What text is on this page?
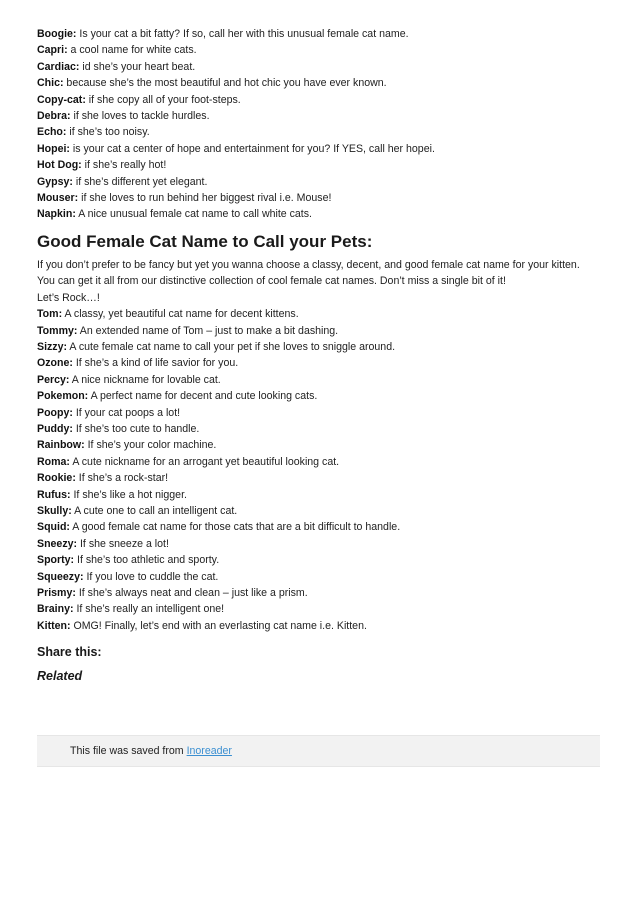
Boogie: Is your cat a bit fatty? If so, call her with this unusual female cat name.

Capri: a cool name for white cats.

Cardiac: id she’s your heart beat.

Chic: because she’s the most beautiful and hot chic you have ever known.

Copy-cat: if she copy all of your foot-steps.

Debra: if she loves to tackle hurdles.

Echo: if she’s too noisy.

Hopei: is your cat a center of hope and entertainment for you? If YES, call her hopei.

Hot Dog: if she’s really hot!

Gypsy: if she’s different yet elegant.

Mouser: if she loves to run behind her biggest rival i.e. Mouse!

Napkin: A nice unusual female cat name to call white cats.

Good Female Cat Name to Call your Pets:

If you don’t prefer to be fancy but yet you wanna choose a classy, decent, and good female cat name for your kitten.

You can get it all from our distinctive collection of cool female cat names. Don’t miss a single bit of it!

Let’s Rock…!

Tom: A classy, yet beautiful cat name for decent kittens.

Tommy: An extended name of Tom – just to make a bit dashing.

Sizzy: A cute female cat name to call your pet if she loves to sniggle around.

Ozone: If she’s a kind of life savior for you.

Percy: A nice nickname for lovable cat.

Pokemon: A perfect name for decent and cute looking cats.

Poopy: If your cat poops a lot!

Puddy: If she’s too cute to handle.

Rainbow: If she’s your color machine.

Roma: A cute nickname for an arrogant yet beautiful looking cat.

Rookie: If she’s a rock-star!

Rufus: If she’s like a hot nigger.

Skully: A cute one to call an intelligent cat.

Squid: A good female cat name for those cats that are a bit difficult to handle.

Sneezy: If she sneeze a lot!

Sporty: If she’s too athletic and sporty.

Squeezy: If you love to cuddle the cat.

Prismy: If she’s always neat and clean – just like a prism.

Brainy: If she’s really an intelligent one!

Kitten: OMG! Finally, let’s end with an everlasting cat name i.e. Kitten.

Share this:
Related
This file was saved from Inoreader
